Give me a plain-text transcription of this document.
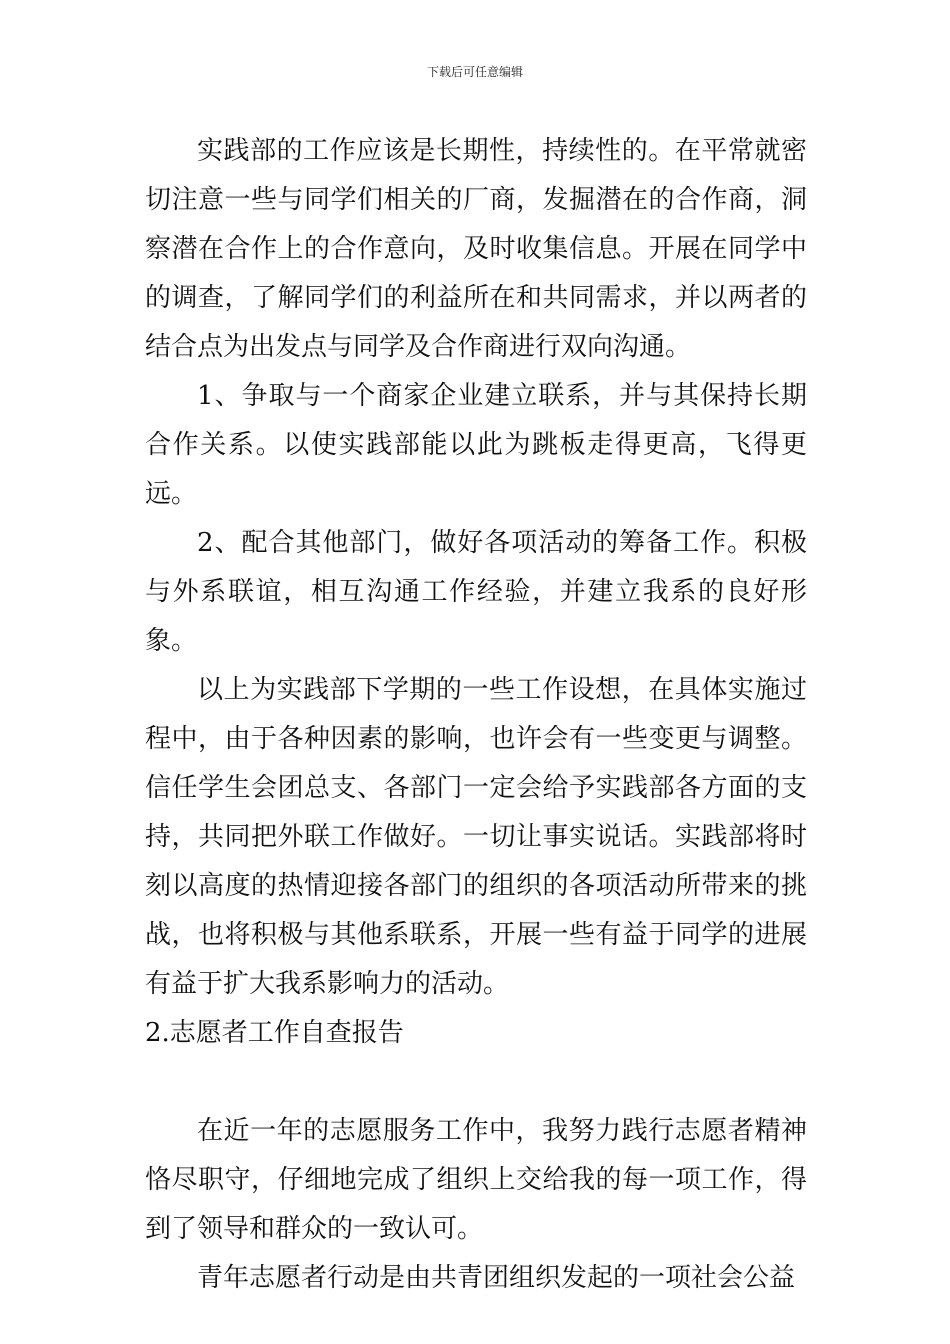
下载后可任意编辑

实践部的工作应该是长期性，持续性的。在平常就密切注意一些与同学们相关的厂商，发掘潜在的合作商，洞察潜在合作上的合作意向，及时收集信息。开展在同学中的调查，了解同学们的利益所在和共同需求，并以两者的结合点为出发点与同学及合作商进行双向沟通。

1、争取与一个商家企业建立联系，并与其保持长期合作关系。以使实践部能以此为跳板走得更高，飞得更远。

2、配合其他部门，做好各项活动的筹备工作。积极与外系联谊，相互沟通工作经验，并建立我系的良好形象。

以上为实践部下学期的一些工作设想，在具体实施过程中，由于各种因素的影响，也许会有一些变更与调整。信任学生会团总支、各部门一定会给予实践部各方面的支持，共同把外联工作做好。一切让事实说话。实践部将时刻以高度的热情迎接各部门的组织的各项活动所带来的挑战，也将积极与其他系联系，开展一些有益于同学的进展有益于扩大我系影响力的活动。

2.志愿者工作自查报告

在近一年的志愿服务工作中，我努力践行志愿者精神恪尽职守，仔细地完成了组织上交给我的每一项工作，得到了领导和群众的一致认可。

青年志愿者行动是由共青团组织发起的一项社会公益
